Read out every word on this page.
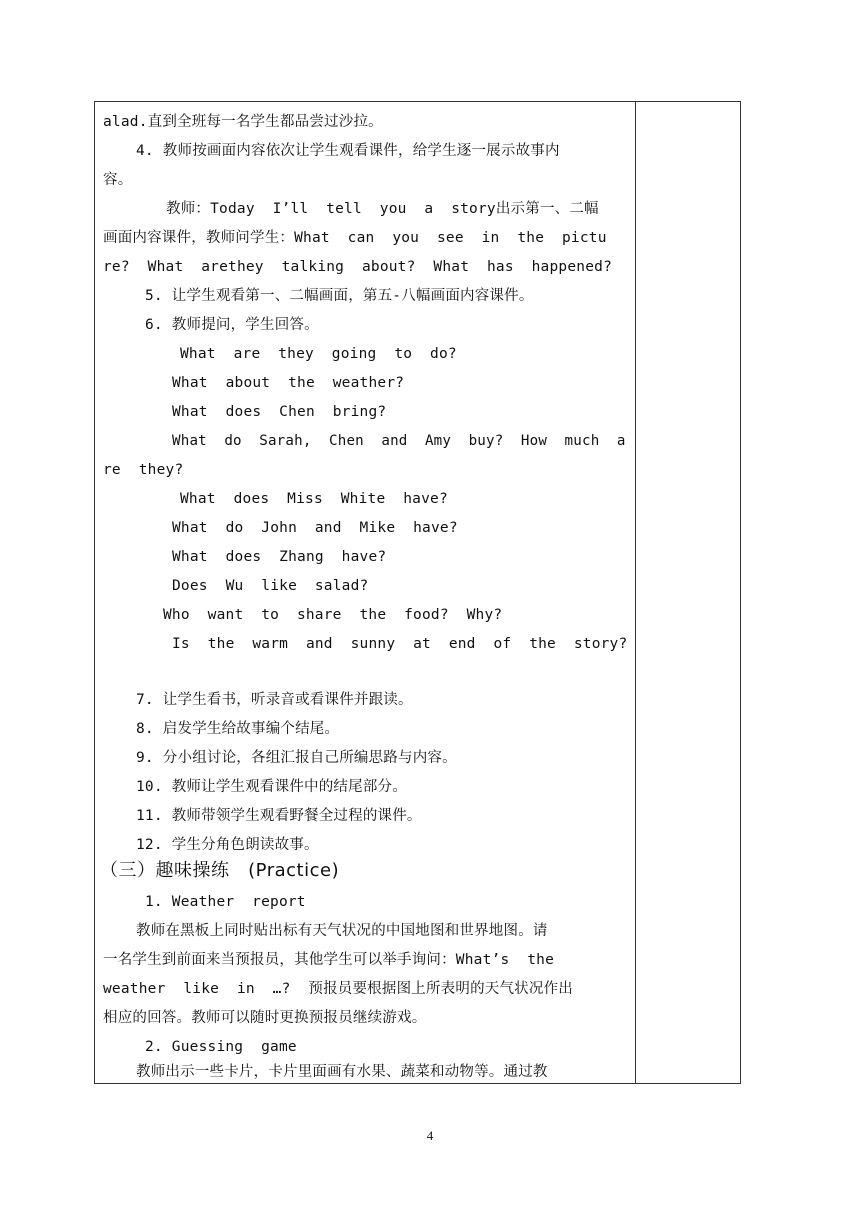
alad.直到全班每一名学生都品尝过沙拉。
4. 教师按画面内容依次让学生观看课件，给学生逐一展示故事内
容。
教师：Today  I’ll  tell  you  a  story出示第一、二幅
画面内容课件，教师问学生：What  can  you  see  in  the  pictu
re?  What  arethey  talking  about?  What  has  happened?
5. 让学生观看第一、二幅画面，第五-八幅画面内容课件。
6. 教师提问，学生回答。
What  are  they  going  to  do?
What  about  the  weather?
What  does  Chen  bring?
What  do  Sarah,  Chen  and  Amy  buy?  How  much  a
re  they?
What  does  Miss  White  have?
What  do  John  and  Mike  have?
What  does  Zhang  have?
Does  Wu  like  salad?
Who  want  to  share  the  food?  Why?
Is  the  warm  and  sunny  at  end  of  the  story?
7. 让学生看书，听录音或看课件并跟读。
8. 启发学生给故事编个结尾。
9. 分小组讨论，各组汇报自己所编思路与内容。
10. 教师让学生观看课件中的结尾部分。
11. 教师带领学生观看野餐全过程的课件。
12. 学生分角色朗读故事。
（三）趣味操练   (Practice)
1. Weather  report
教师在黑板上同时贴出标有天气状况的中国地图和世界地图。请
一名学生到前面来当预报员，其他学生可以举手询问：What’s  the
weather  like  in  …?  预报员要根据图上所表明的天气状况作出
相应的回答。教师可以随时更换预报员继续游戏。
2. Guessing  game
教师出示一些卡片，卡片里面画有水果、蔬菜和动物等。通过教
4
